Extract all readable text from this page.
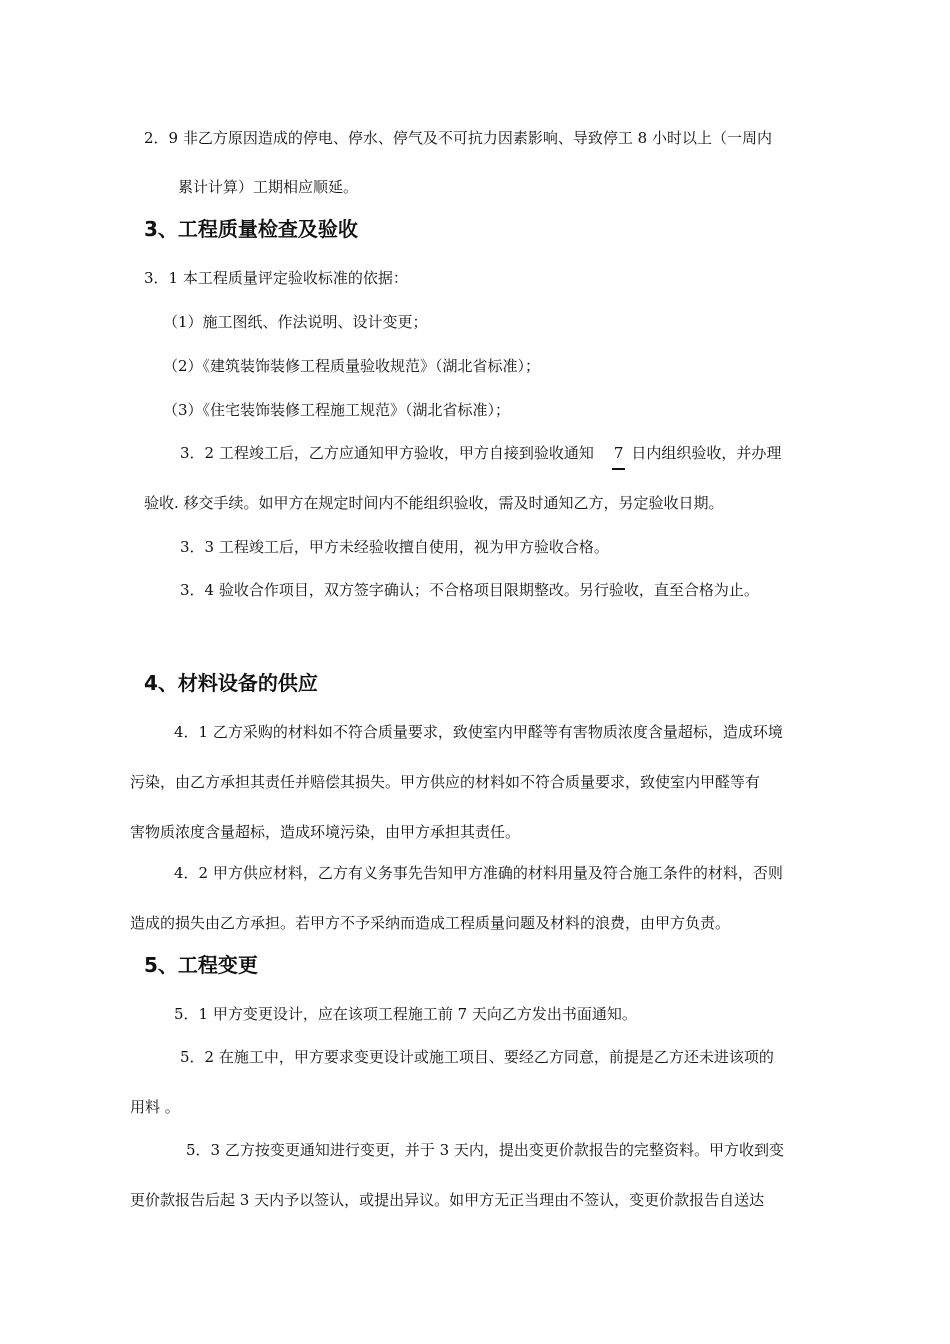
2．9 非乙方原因造成的停电、停水、停气及不可抗力因素影响、导致停工 8 小时以上（一周内
累计计算）工期相应顺延。
3、工程质量检查及验收
3．1 本工程质量评定验收标准的依据：
（1）施工图纸、作法说明、设计变更；
（2）《建筑装饰装修工程质量验收规范》（湖北省标准）；
（3）《住宅装饰装修工程施工规范》（湖北省标准）；
3．2 工程竣工后，乙方应通知甲方验收，甲方自接到验收通知 7 日内组织验收，并办理
验收. 移交手续。如甲方在规定时间内不能组织验收，需及时通知乙方，另定验收日期。
3．3 工程竣工后，甲方未经验收擅自使用，视为甲方验收合格。
3．4 验收合作项目，双方签字确认；不合格项目限期整改。另行验收，直至合格为止。
4、材料设备的供应
4．1 乙方采购的材料如不符合质量要求，致使室内甲醛等有害物质浓度含量超标，造成环境
污染，由乙方承担其责任并赔偿其损失。甲方供应的材料如不符合质量要求，致使室内甲醛等有
害物质浓度含量超标，造成环境污染，由甲方承担其责任。
4．2 甲方供应材料，乙方有义务事先告知甲方准确的材料用量及符合施工条件的材料，否则
造成的损失由乙方承担。若甲方不予采纳而造成工程质量问题及材料的浪费，由甲方负责。
5、工程变更
5．1 甲方变更设计，应在该项工程施工前 7 天向乙方发出书面通知。
5．2 在施工中，甲方要求变更设计或施工项目、要经乙方同意，前提是乙方还未进该项的
用料 。
5．3 乙方按变更通知进行变更，并于 3 天内，提出变更价款报告的完整资料。甲方收到变
更价款报告后起 3 天内予以签认，或提出异议。如甲方无正当理由不签认，变更价款报告自送达
